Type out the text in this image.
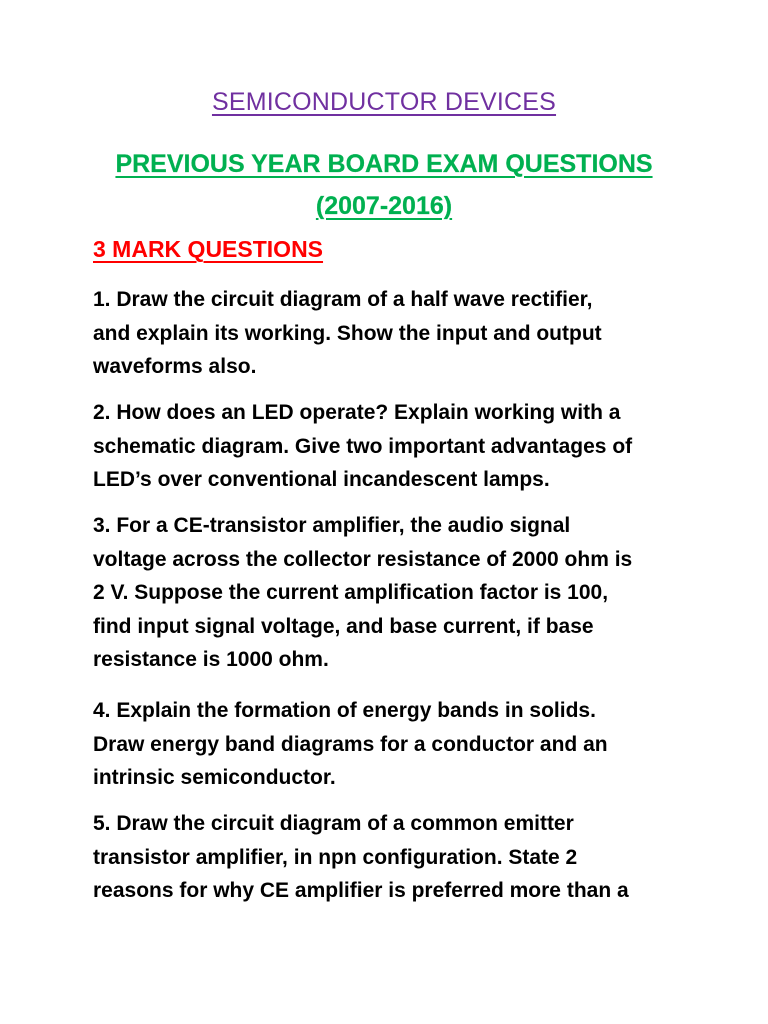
SEMICONDUCTOR DEVICES
PREVIOUS YEAR BOARD EXAM QUESTIONS
(2007-2016)
3 MARK QUESTIONS

1. Draw the circuit diagram of a half wave rectifier,
and explain its working. Show the input and output
waveforms also.

2. How does an LED operate? Explain working with a
schematic diagram. Give two important advantages of
LED’s over conventional incandescent lamps.

3. For a CE-transistor amplifier, the audio signal
voltage across the collector resistance of 2000 ohm is
2 V. Suppose the current amplification factor is 100,
find input signal voltage, and base current, if base
resistance is 1000 ohm.

4. Explain the formation of energy bands in solids.
Draw energy band diagrams for a conductor and an
intrinsic semiconductor.

5. Draw the circuit diagram of a common emitter
transistor amplifier, in npn configuration. State 2
reasons for why CE amplifier is preferred more than a
